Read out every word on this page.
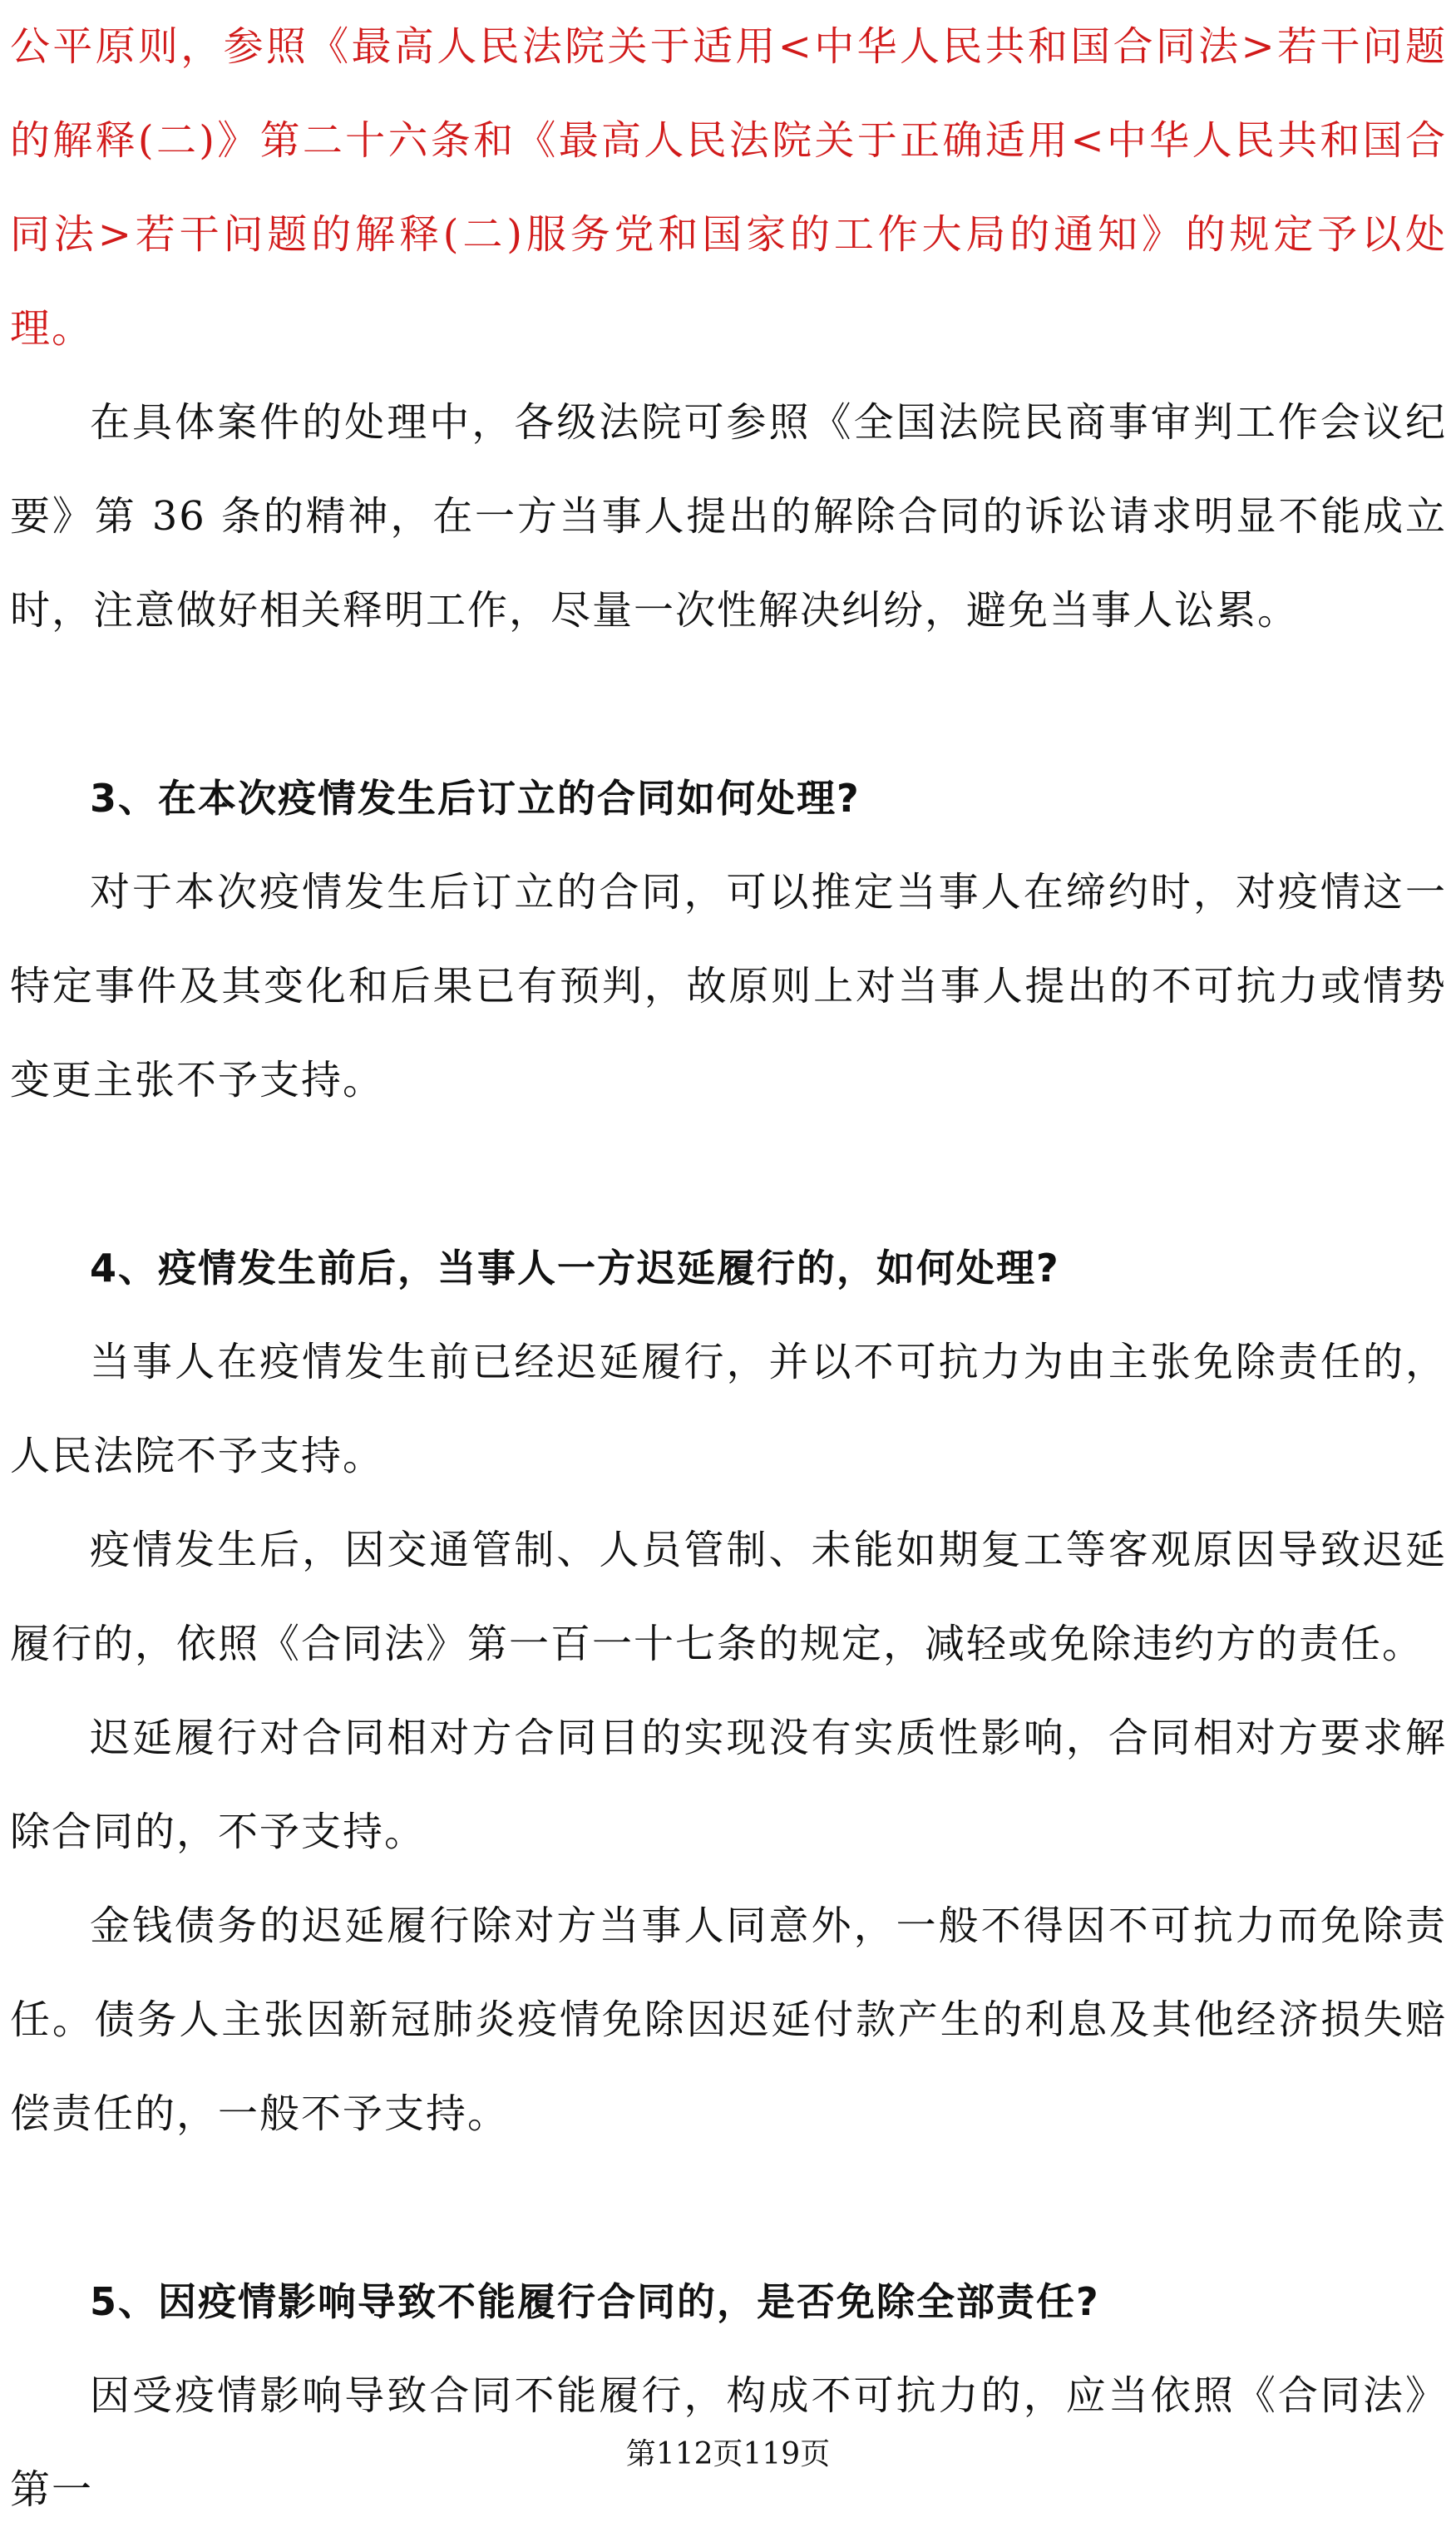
公平原则，参照《最高人民法院关于适用<中华人民共和国合同法>若干问题的解释(二)》第二十六条和《最高人民法院关于正确适用<中华人民共和国合同法>若干问题的解释(二)服务党和国家的工作大局的通知》的规定予以处理。

在具体案件的处理中，各级法院可参照《全国法院民商事审判工作会议纪要》第 36 条的精神，在一方当事人提出的解除合同的诉讼请求明显不能成立时，注意做好相关释明工作，尽量一次性解决纠纷，避免当事人讼累。

3、在本次疫情发生后订立的合同如何处理?

对于本次疫情发生后订立的合同，可以推定当事人在缔约时，对疫情这一特定事件及其变化和后果已有预判，故原则上对当事人提出的不可抗力或情势变更主张不予支持。

4、疫情发生前后，当事人一方迟延履行的，如何处理?

当事人在疫情发生前已经迟延履行，并以不可抗力为由主张免除责任的，人民法院不予支持。

疫情发生后，因交通管制、人员管制、未能如期复工等客观原因导致迟延履行的，依照《合同法》第一百一十七条的规定，减轻或免除违约方的责任。

迟延履行对合同相对方合同目的实现没有实质性影响，合同相对方要求解除合同的，不予支持。

金钱债务的迟延履行除对方当事人同意外，一般不得因不可抗力而免除责任。债务人主张因新冠肺炎疫情免除因迟延付款产生的利息及其他经济损失赔偿责任的，一般不予支持。

5、因疫情影响导致不能履行合同的，是否免除全部责任?

因受疫情影响导致合同不能履行，构成不可抗力的，应当依照《合同法》第一

第112页119页
